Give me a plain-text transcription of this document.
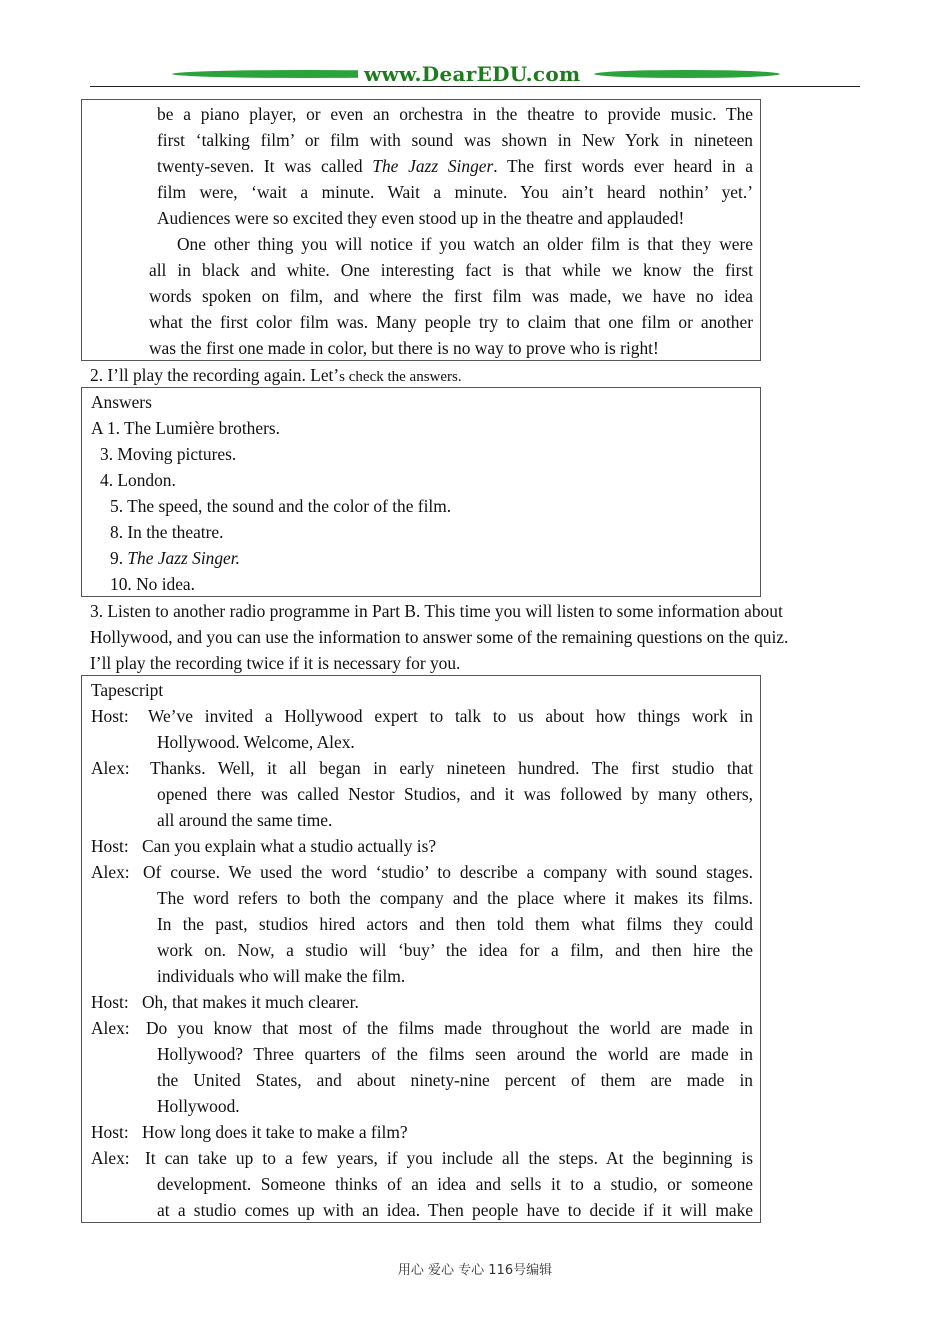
www.DearEDU.com
be a piano player, or even an orchestra in the theatre to provide music. The
first ‘talking film’ or film with sound was shown in New York in nineteen
twenty-seven. It was called The Jazz Singer. The first words ever heard in a
film were, ‘wait a minute. Wait a minute. You ain’t heard nothin’ yet.’
Audiences were so excited they even stood up in the theatre and applauded!
One other thing you will notice if you watch an older film is that they were
all in black and white. One interesting fact is that while we know the first
words spoken on film, and where the first film was made, we have no idea
what the first color film was. Many people try to claim that one film or another
was the first one made in color, but there is no way to prove who is right!
2. I’ll play the recording again. Let’s check the answers.
Answers
A 1. The Lumière brothers.
3. Moving pictures.
4. London.
5. The speed, the sound and the color of the film.
8. In the theatre.
9. The Jazz Singer.
10. No idea.
3. Listen to another radio programme in Part B. This time you will listen to some information about
Hollywood, and you can use the information to answer some of the remaining questions on the quiz.
I’ll play the recording twice if it is necessary for you.
Tapescript
Host: We’ve invited a Hollywood expert to talk to us about how things work in
Hollywood. Welcome, Alex.
Alex: Thanks. Well, it all began in early nineteen hundred. The first studio that
opened there was called Nestor Studios, and it was followed by many others,
all around the same time.
Host: Can you explain what a studio actually is?
Alex: Of course. We used the word ‘studio’ to describe a company with sound stages.
The word refers to both the company and the place where it makes its films.
In the past, studios hired actors and then told them what films they could
work on. Now, a studio will ‘buy’ the idea for a film, and then hire the
individuals who will make the film.
Host: Oh, that makes it much clearer.
Alex: Do you know that most of the films made throughout the world are made in
Hollywood? Three quarters of the films seen around the world are made in
the United States, and about ninety-nine percent of them are made in
Hollywood.
Host: How long does it take to make a film?
Alex: It can take up to a few years, if you include all the steps. At the beginning is
development. Someone thinks of an idea and sells it to a studio, or someone
at a studio comes up with an idea. Then people have to decide if it will make
用心 爱心 专心 116号编辑
